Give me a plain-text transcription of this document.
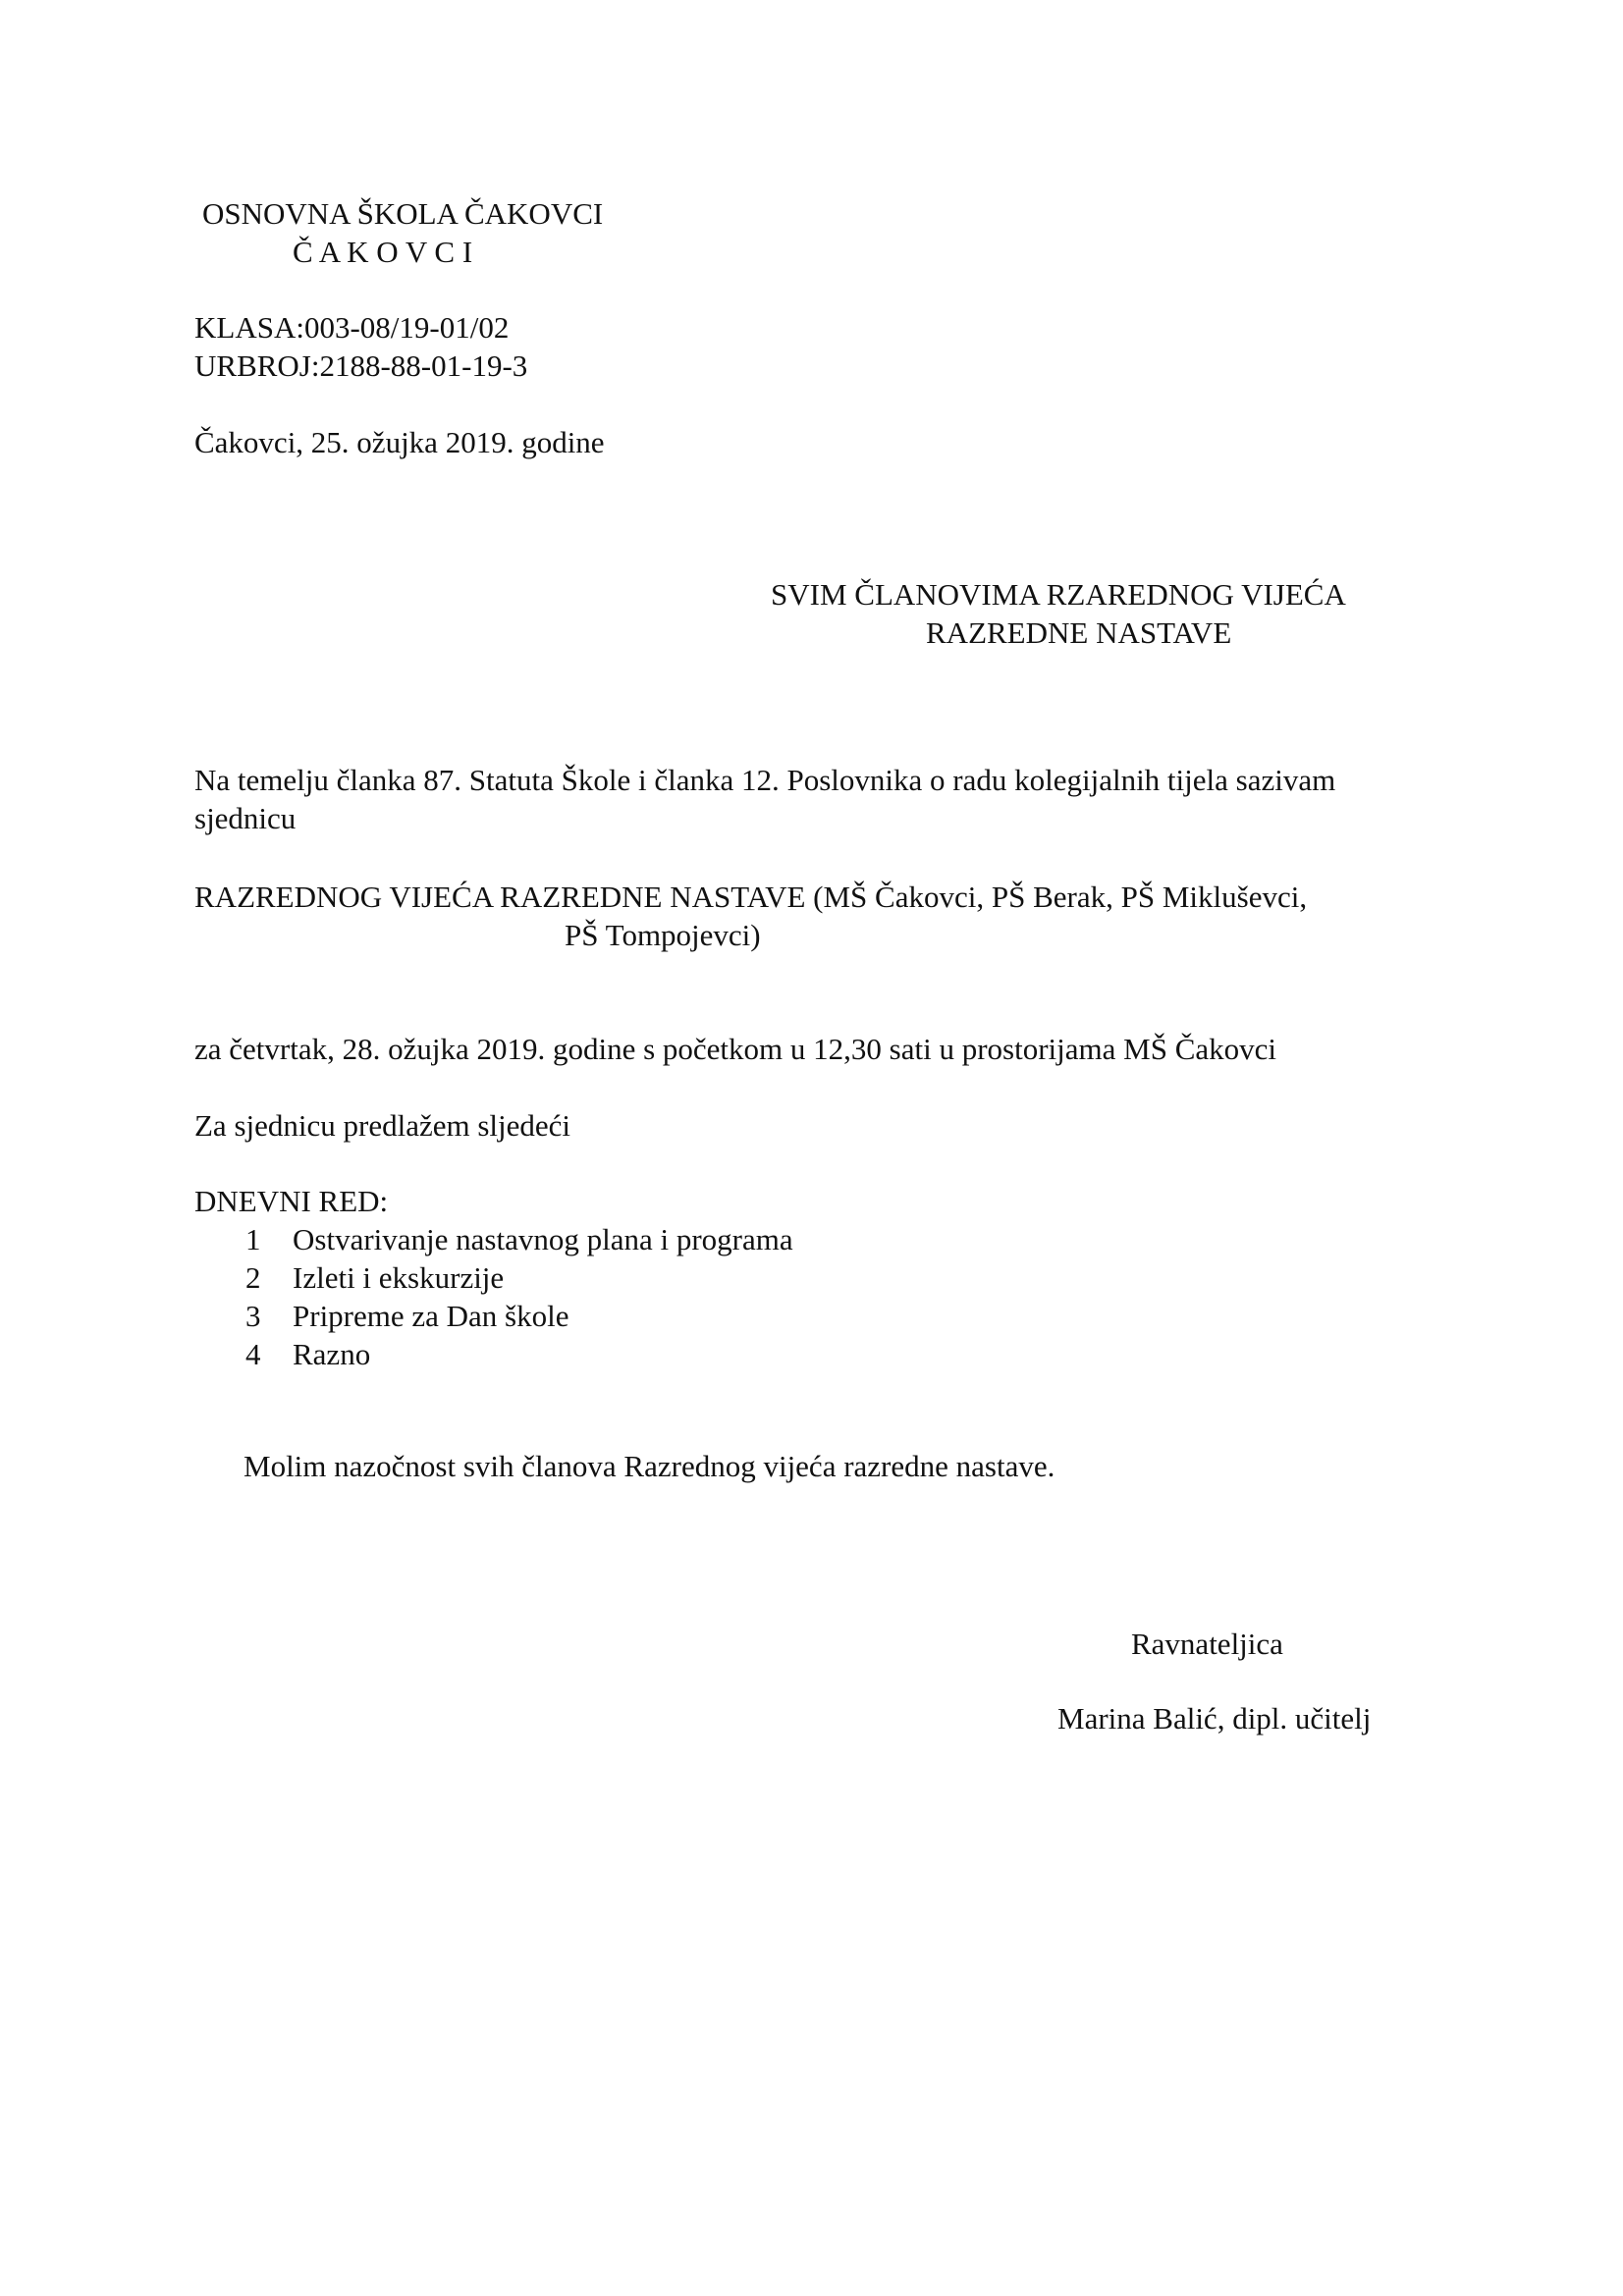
OSNOVNA ŠKOLA ČAKOVCI
Č A K O V C I
KLASA:003-08/19-01/02
URBROJ:2188-88-01-19-3
Čakovci, 25. ožujka 2019. godine
SVIM ČLANOVIMA RZAREDNOG VIJEĆA
RAZREDNE NASTAVE
Na temelju članka 87. Statuta Škole i članka 12. Poslovnika o radu kolegijalnih tijela sazivam
sjednicu
RAZREDNOG VIJEĆA RAZREDNE NASTAVE (MŠ Čakovci, PŠ Berak, PŠ Mikluševci,
PŠ Tompojevci)
za četvrtak, 28. ožujka 2019. godine s početkom u 12,30 sati u prostorijama MŠ Čakovci
Za sjednicu predlažem sljedeći
DNEVNI RED:
1 Ostvarivanje nastavnog plana i programa
2 Izleti i ekskurzije
3 Pripreme za Dan škole
4 Razno
Molim nazočnost svih članova Razrednog vijeća razredne nastave.
Ravnateljica
Marina Balić, dipl. učitelj
